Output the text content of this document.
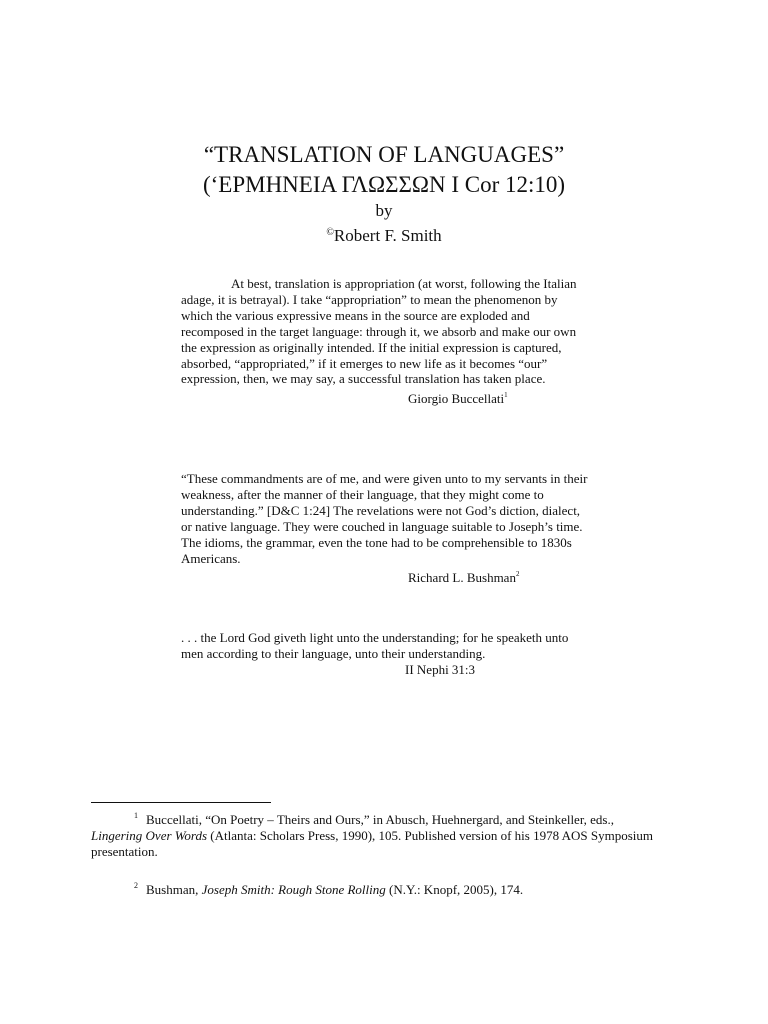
“TRANSLATION OF LANGUAGES”
(‘ΕΡΜΗΝΕΙΑ ΓΛΩΣΣΩΝ I Cor 12:10)
by
©Robert F. Smith

At best, translation is appropriation (at worst, following the Italian adage, it is betrayal). I take “appropriation” to mean the phenomenon by which the various expressive means in the source are exploded and recomposed in the target language: through it, we absorb and make our own the expression as originally intended. If the initial expression is captured, absorbed, “appropriated,” if it emerges to new life as it becomes “our” expression, then, we may say, a successful translation has taken place.

Giorgio Buccellati$^1$

“These commandments are of me, and were given unto to my servants in their weakness, after the manner of their language, that they might come to understanding.” [D&C 1:24] The revelations were not God’s diction, dialect, or native language. They were couched in language suitable to Joseph’s time. The idioms, the grammar, even the tone had to be comprehensible to 1830s Americans.

Richard L. Bushman$^2$

. . . the Lord God giveth light unto the understanding; for he speaketh unto men according to their language, unto their understanding.

II Nephi 31:3

1 Buccellati, “On Poetry – Theirs and Ours,” in Abusch, Huehnergard, and Steinkeller, eds.,
Lingering Over Words (Atlanta: Scholars Press, 1990), 105. Published version of his 1978 AOS Symposium presentation.

2 Bushman, Joseph Smith: Rough Stone Rolling (N.Y.: Knopf, 2005), 174.
